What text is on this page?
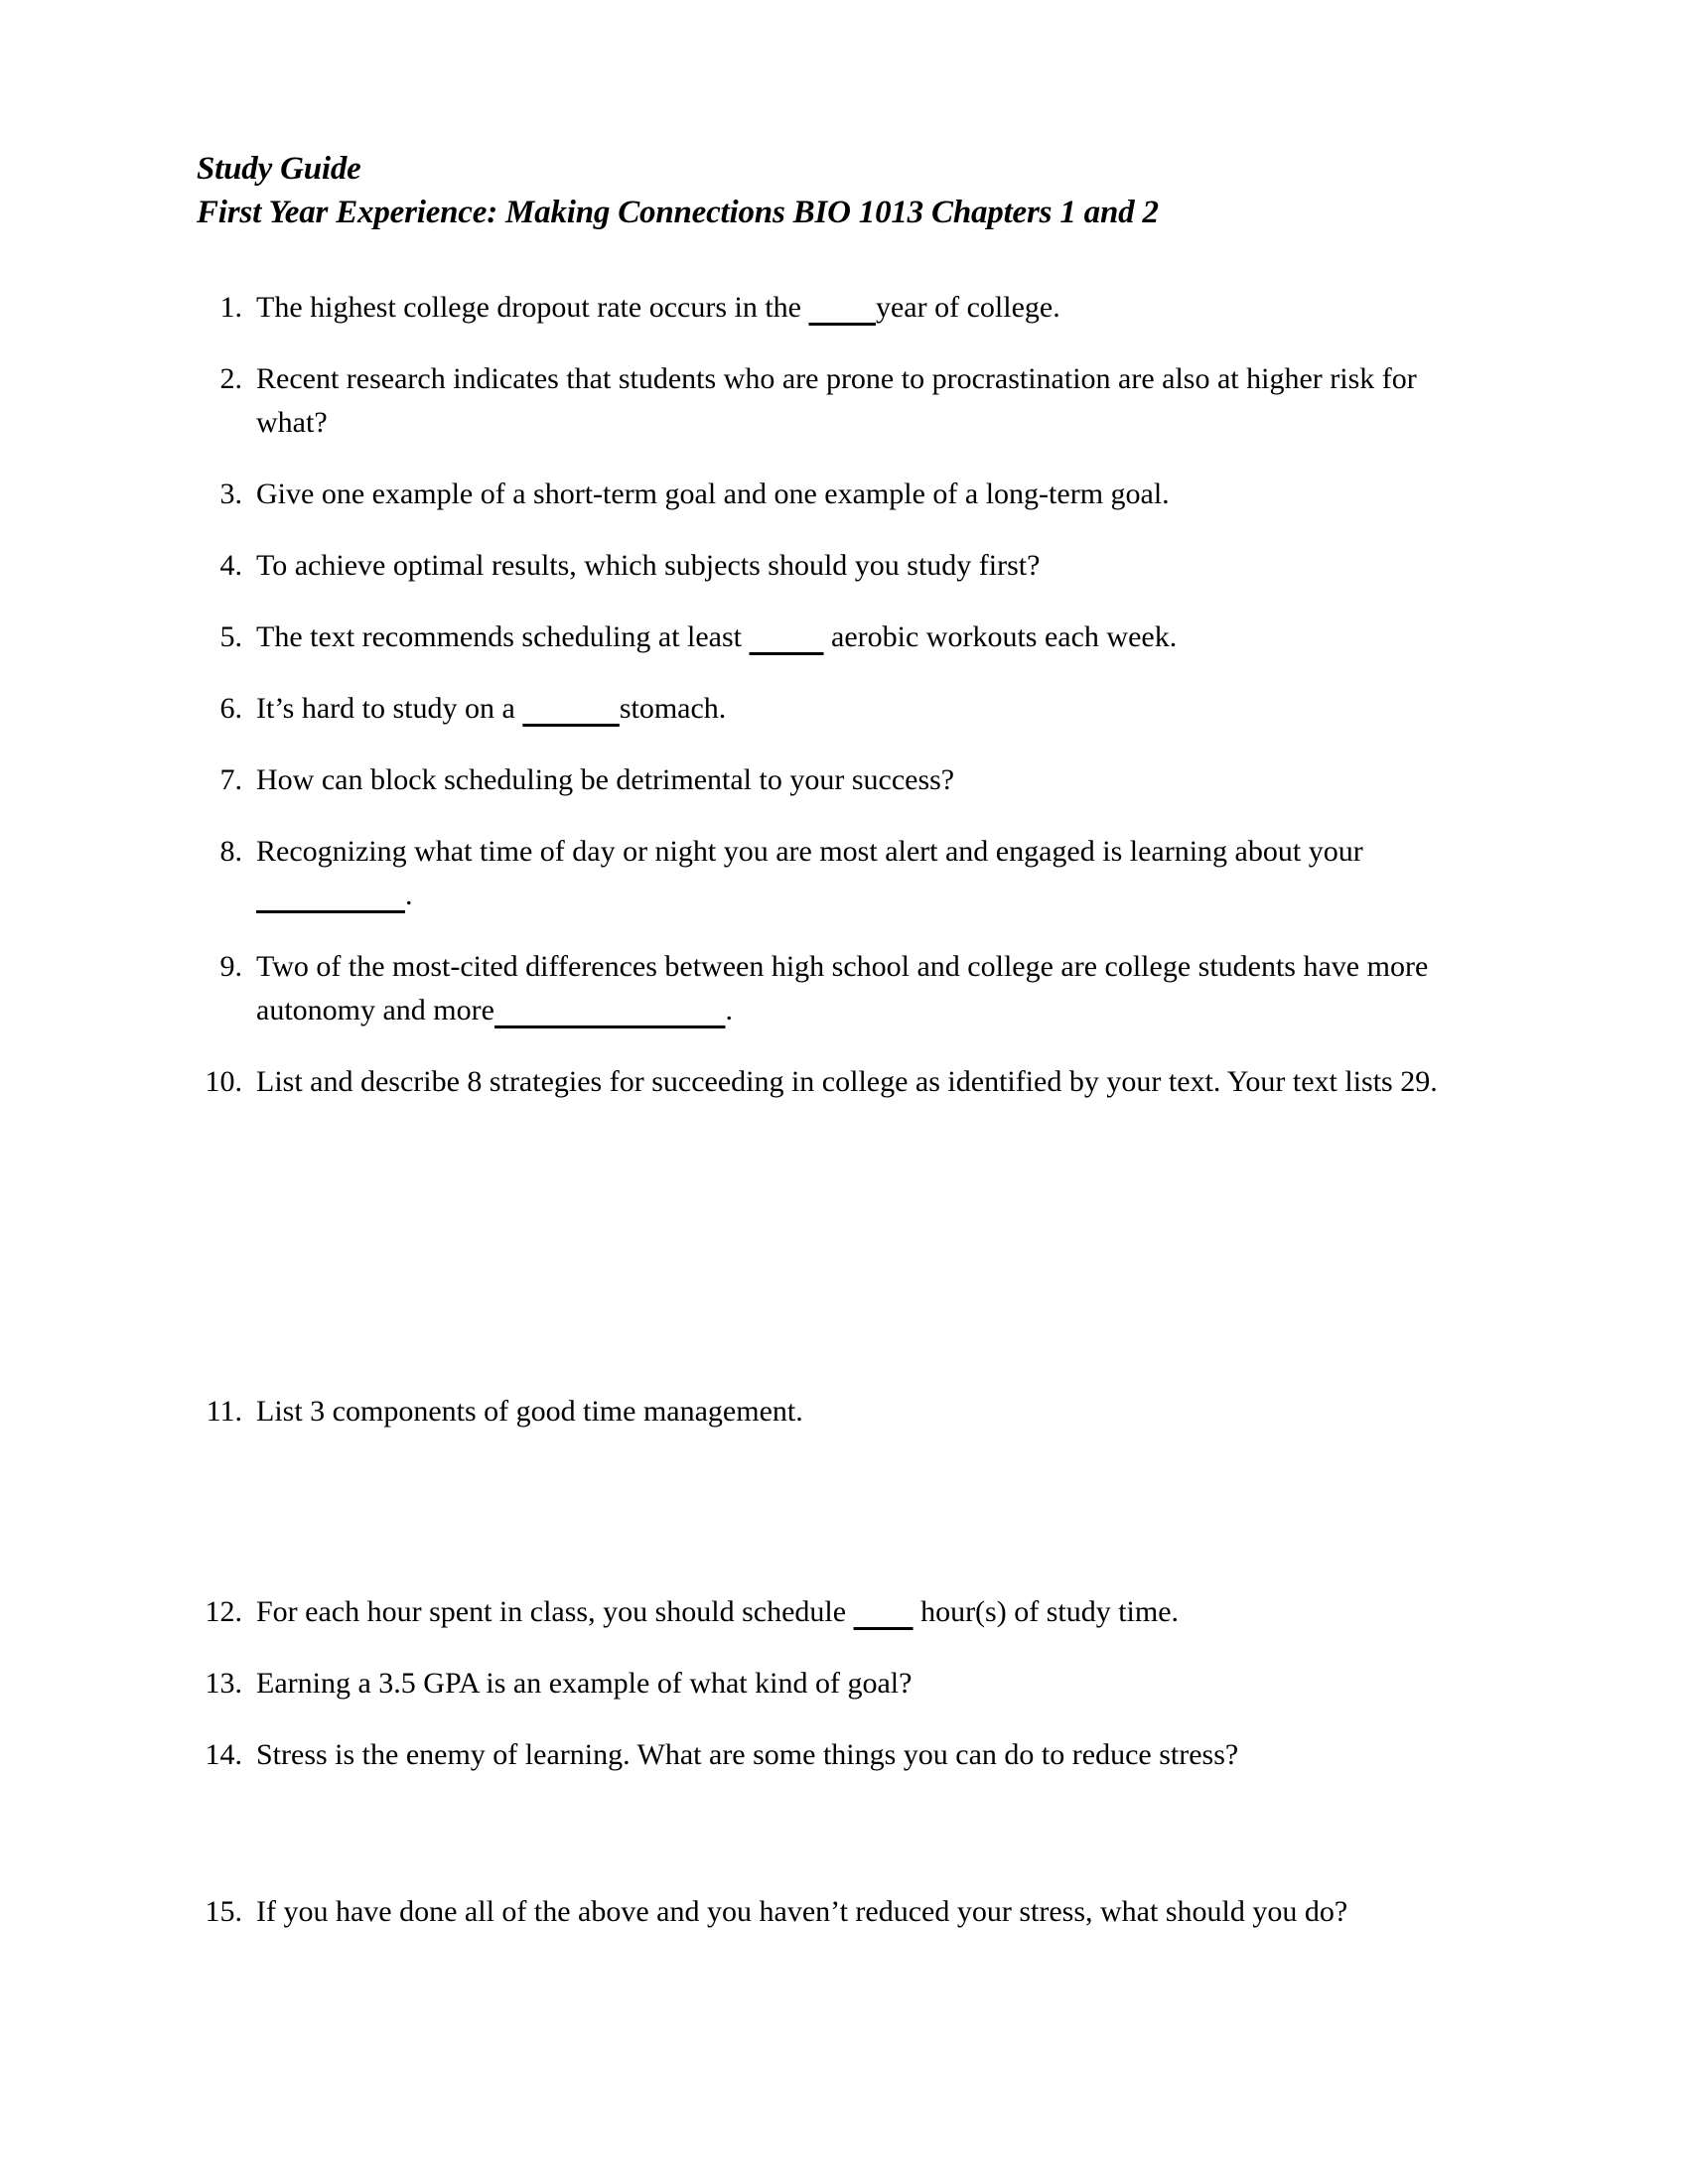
Study Guide
First Year Experience: Making Connections BIO 1013 Chapters 1 and 2
1. The highest college dropout rate occurs in the          year of college.
2. Recent research indicates that students who are prone to procrastination are also at higher risk for what?
3. Give one example of a short-term goal and one example of a long-term goal.
4. To achieve optimal results, which subjects should you study first?
5. The text recommends scheduling at least	aerobic workouts each week.
6. It’s hard to study on a	stomach.
7. How can block scheduling be detrimental to your success?
8. Recognizing what time of day or night you are most alert and engaged is learning about your                     .
9. Two of the most-cited differences between high school and college are college students have more autonomy and more	.
10. List and describe 8 strategies for succeeding in college as identified by your text. Your text lists 29.
11. List 3 components of good time management.
12. For each hour spent in class, you should schedule          hour(s) of study time.
13. Earning a 3.5 GPA is an example of what kind of goal?
14. Stress is the enemy of learning. What are some things you can do to reduce stress?
15. If you have done all of the above and you haven’t reduced your stress, what should you do?
